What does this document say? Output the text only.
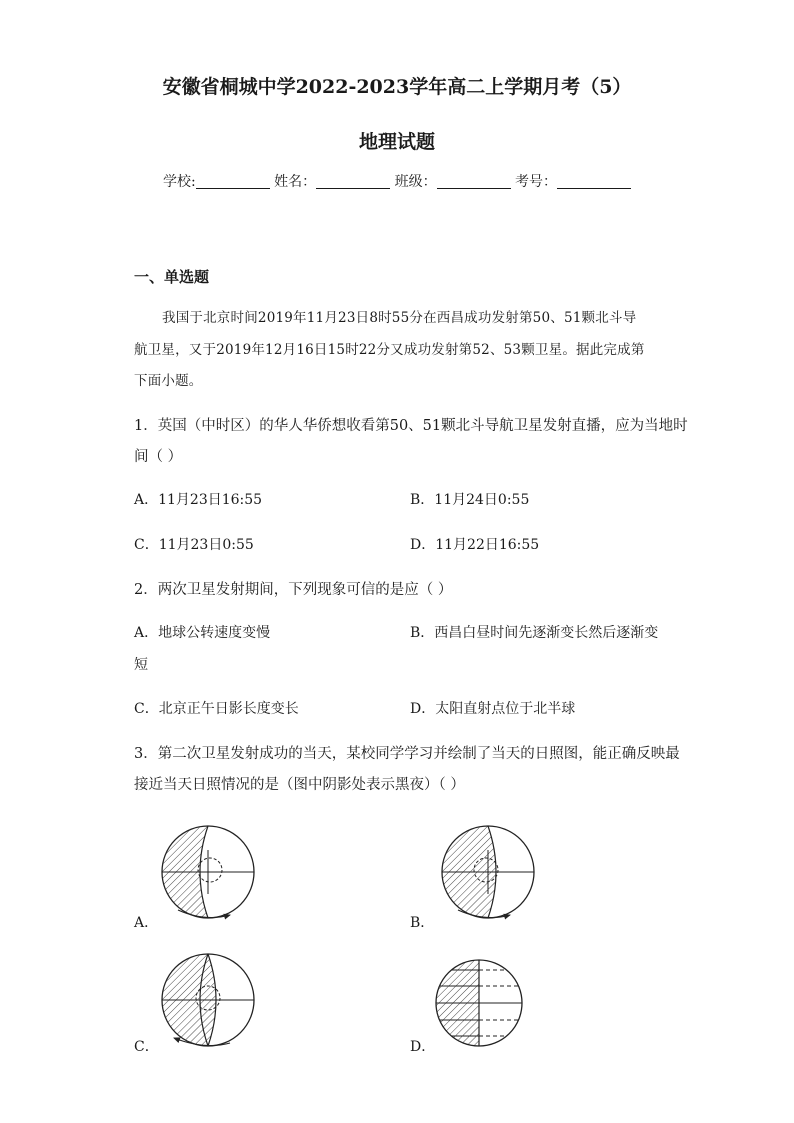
安徽省桐城中学2022-2023学年高二上学期月考（5）
地理试题
学校:	姓名：	班级：	考号：
一、单选题
我国于北京时间2019年11月23日8时55分在西昌成功发射第50、51颗北斗导
航卫星，又于2019年12月16日15时22分又成功发射第52、53颗卫星。据此完成第
下面小题。
1．英国（中时区）的华人华侨想收看第50、51颗北斗导航卫星发射直播，应为当地时
间（ ）
A．11月23日16:55	B．11月24日0:55
C．11月23日0:55	D．11月22日16:55
2．两次卫星发射期间，下列现象可信的是应（ ）
A．地球公转速度变慢	B．西昌白昼时间先逐渐变长然后逐渐变
短
C．北京正午日影长度变长	D．太阳直射点位于北半球
3．第二次卫星发射成功的当天，某校同学学习并绘制了当天的日照图，能正确反映最
接近当天日照情况的是（图中阴影处表示黑夜）（ ）
A．	B．
C．	D．
